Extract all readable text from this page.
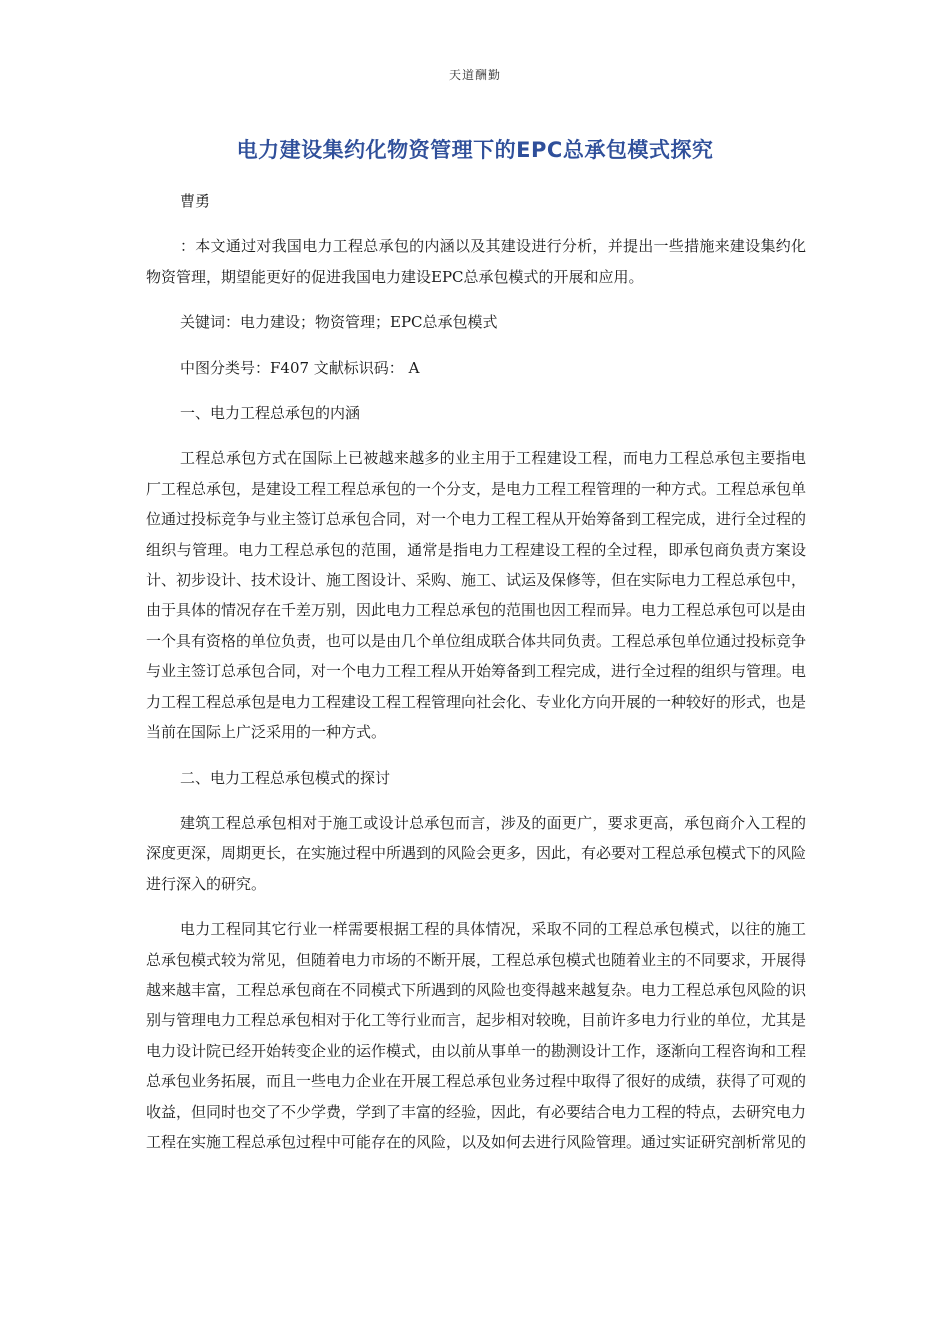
天道酬勤
电力建设集约化物资管理下的EPC总承包模式探究

曹勇

：本文通过对我国电力工程总承包的内涵以及其建设进行分析，并提出一些措施来建设集约化物资管理，期望能更好的促进我国电力建设EPC总承包模式的开展和应用。

关键词：电力建设；物资管理；EPC总承包模式

中图分类号：F407 文献标识码： A

一、电力工程总承包的内涵

工程总承包方式在国际上已被越来越多的业主用于工程建设工程，而电力工程总承包主要指电厂工程总承包，是建设工程工程总承包的一个分支，是电力工程工程管理的一种方式。工程总承包单位通过投标竞争与业主签订总承包合同，对一个电力工程工程从开始筹备到工程完成，进行全过程的组织与管理。电力工程总承包的范围，通常是指电力工程建设工程的全过程，即承包商负责方案设计、初步设计、技术设计、施工图设计、采购、施工、试运及保修等，但在实际电力工程总承包中，由于具体的情况存在千差万别，因此电力工程总承包的范围也因工程而异。电力工程总承包可以是由一个具有资格的单位负责，也可以是由几个单位组成联合体共同负责。工程总承包单位通过投标竞争与业主签订总承包合同，对一个电力工程工程从开始筹备到工程完成，进行全过程的组织与管理。电力工程工程总承包是电力工程建设工程工程管理向社会化、专业化方向开展的一种较好的形式，也是当前在国际上广泛采用的一种方式。

二、电力工程总承包模式的探讨

建筑工程总承包相对于施工或设计总承包而言，涉及的面更广，要求更高，承包商介入工程的深度更深，周期更长，在实施过程中所遇到的风险会更多，因此，有必要对工程总承包模式下的风险进行深入的研究。

电力工程同其它行业一样需要根据工程的具体情况，采取不同的工程总承包模式，以往的施工总承包模式较为常见，但随着电力市场的不断开展，工程总承包模式也随着业主的不同要求，开展得越来越丰富，工程总承包商在不同模式下所遇到的风险也变得越来越复杂。电力工程总承包风险的识别与管理电力工程总承包相对于化工等行业而言，起步相对较晚，目前许多电力行业的单位，尤其是电力设计院已经开始转变企业的运作模式，由以前从事单一的勘测设计工作，逐渐向工程咨询和工程总承包业务拓展，而且一些电力企业在开展工程总承包业务过程中取得了很好的成绩，获得了可观的收益，但同时也交了不少学费，学到了丰富的经验，因此，有必要结合电力工程的特点，去研究电力工程在实施工程总承包过程中可能存在的风险，以及如何去进行风险管理。通过实证研究剖析常见的
